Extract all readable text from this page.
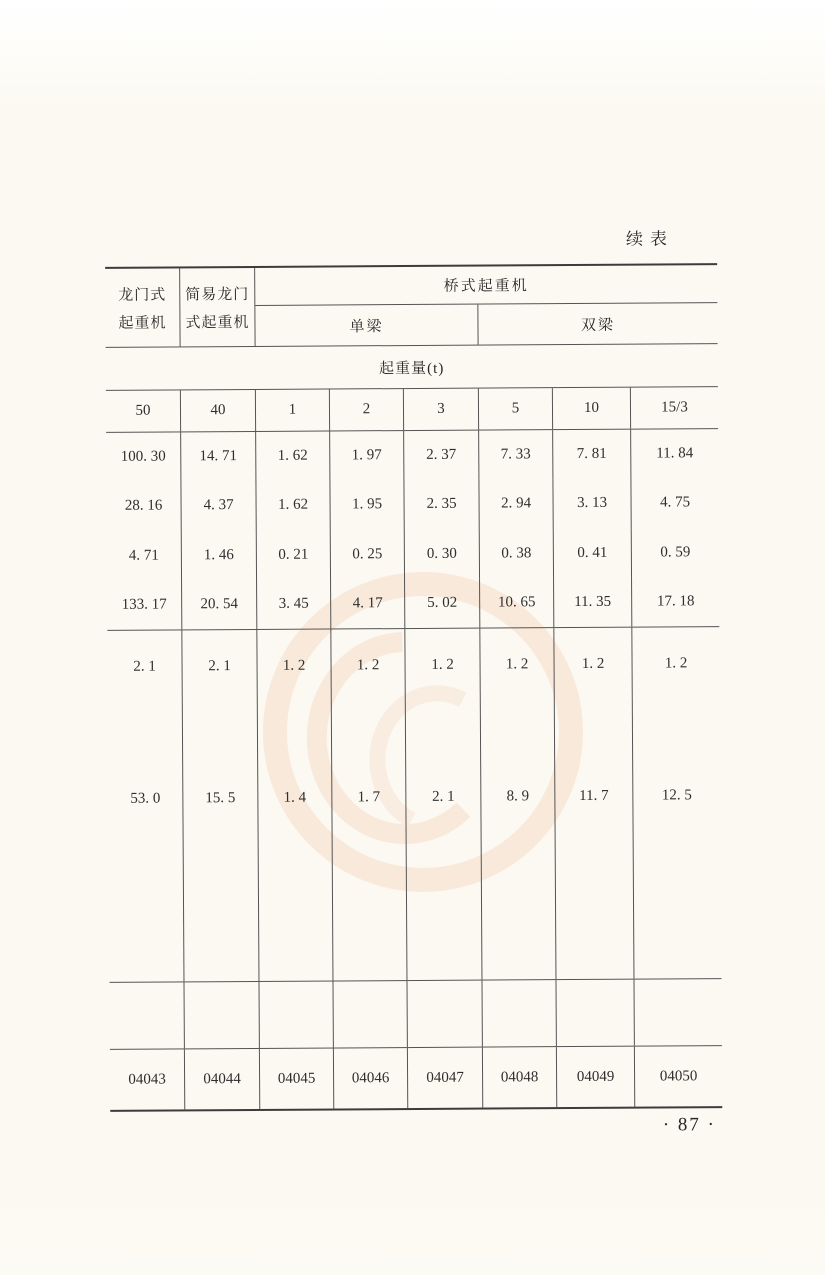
续表
龙门式
起重机
简易龙门
式起重机
桥式起重机
单梁	双梁
起重量(t)
50	40	1	2	3	5	10	15/3
100. 30	14. 71	1. 62	1. 97	2. 37	7. 33	7. 81	11. 84
28. 16	4. 37	1. 62	1. 95	2. 35	2. 94	3. 13	4. 75
4. 71	1. 46	0. 21	0. 25	0. 30	0. 38	0. 41	0. 59
133. 17	20. 54	3. 45	4. 17	5. 02	10. 65	11. 35	17. 18
2. 1	2. 1	1. 2	1. 2	1. 2	1. 2	1. 2	1. 2
53. 0	15. 5	1. 4	1. 7	2. 1	8. 9	11. 7	12. 5
04043	04044	04045	04046	04047	04048	04049	04050
· 87 ·
